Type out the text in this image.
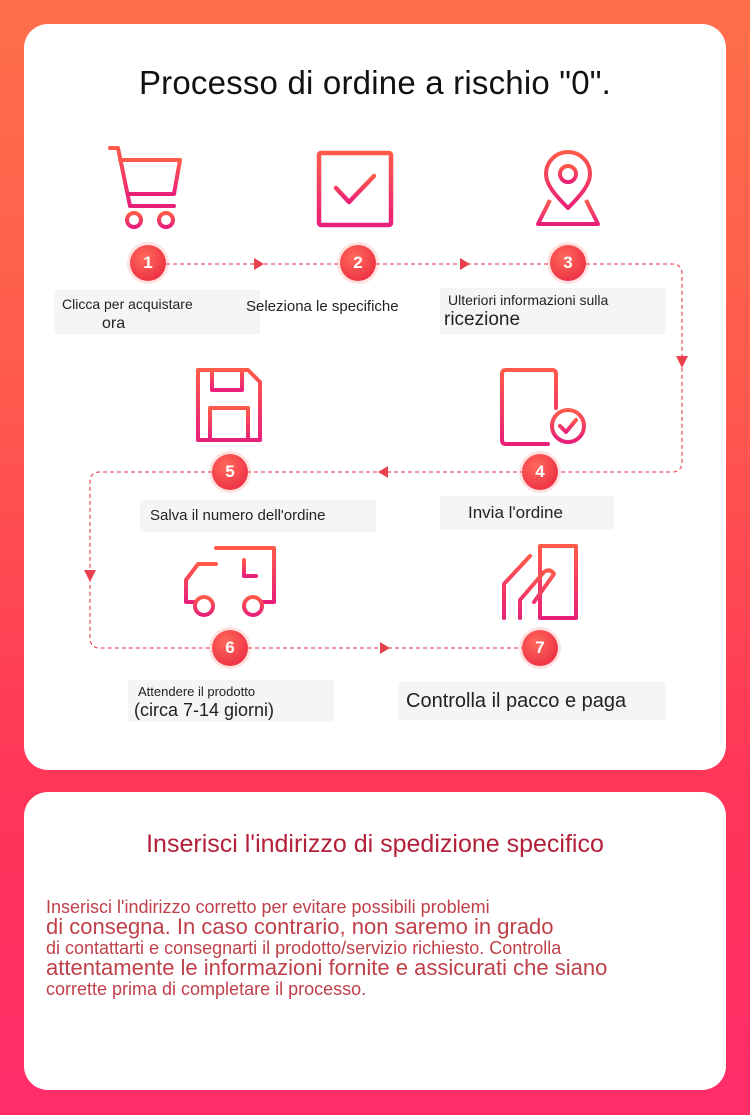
Processo di ordine a rischio "0".
1
Clicca per acquistare
ora
2
Seleziona le specifiche
3
Ulteriori informazioni sulla
ricezione
5
Salva il numero dell'ordine
4
Invia l'ordine
6
Attendere il prodotto
(circa 7-14 giorni)
7
Controlla il pacco e paga
Inserisci l'indirizzo di spedizione specifico
Inserisci l'indirizzo corretto per evitare possibili problemi
di consegna. In caso contrario, non saremo in grado
di contattarti e consegnarti il prodotto/servizio richiesto. Controlla
attentamente le informazioni fornite e assicurati che siano
corrette prima di completare il processo.
